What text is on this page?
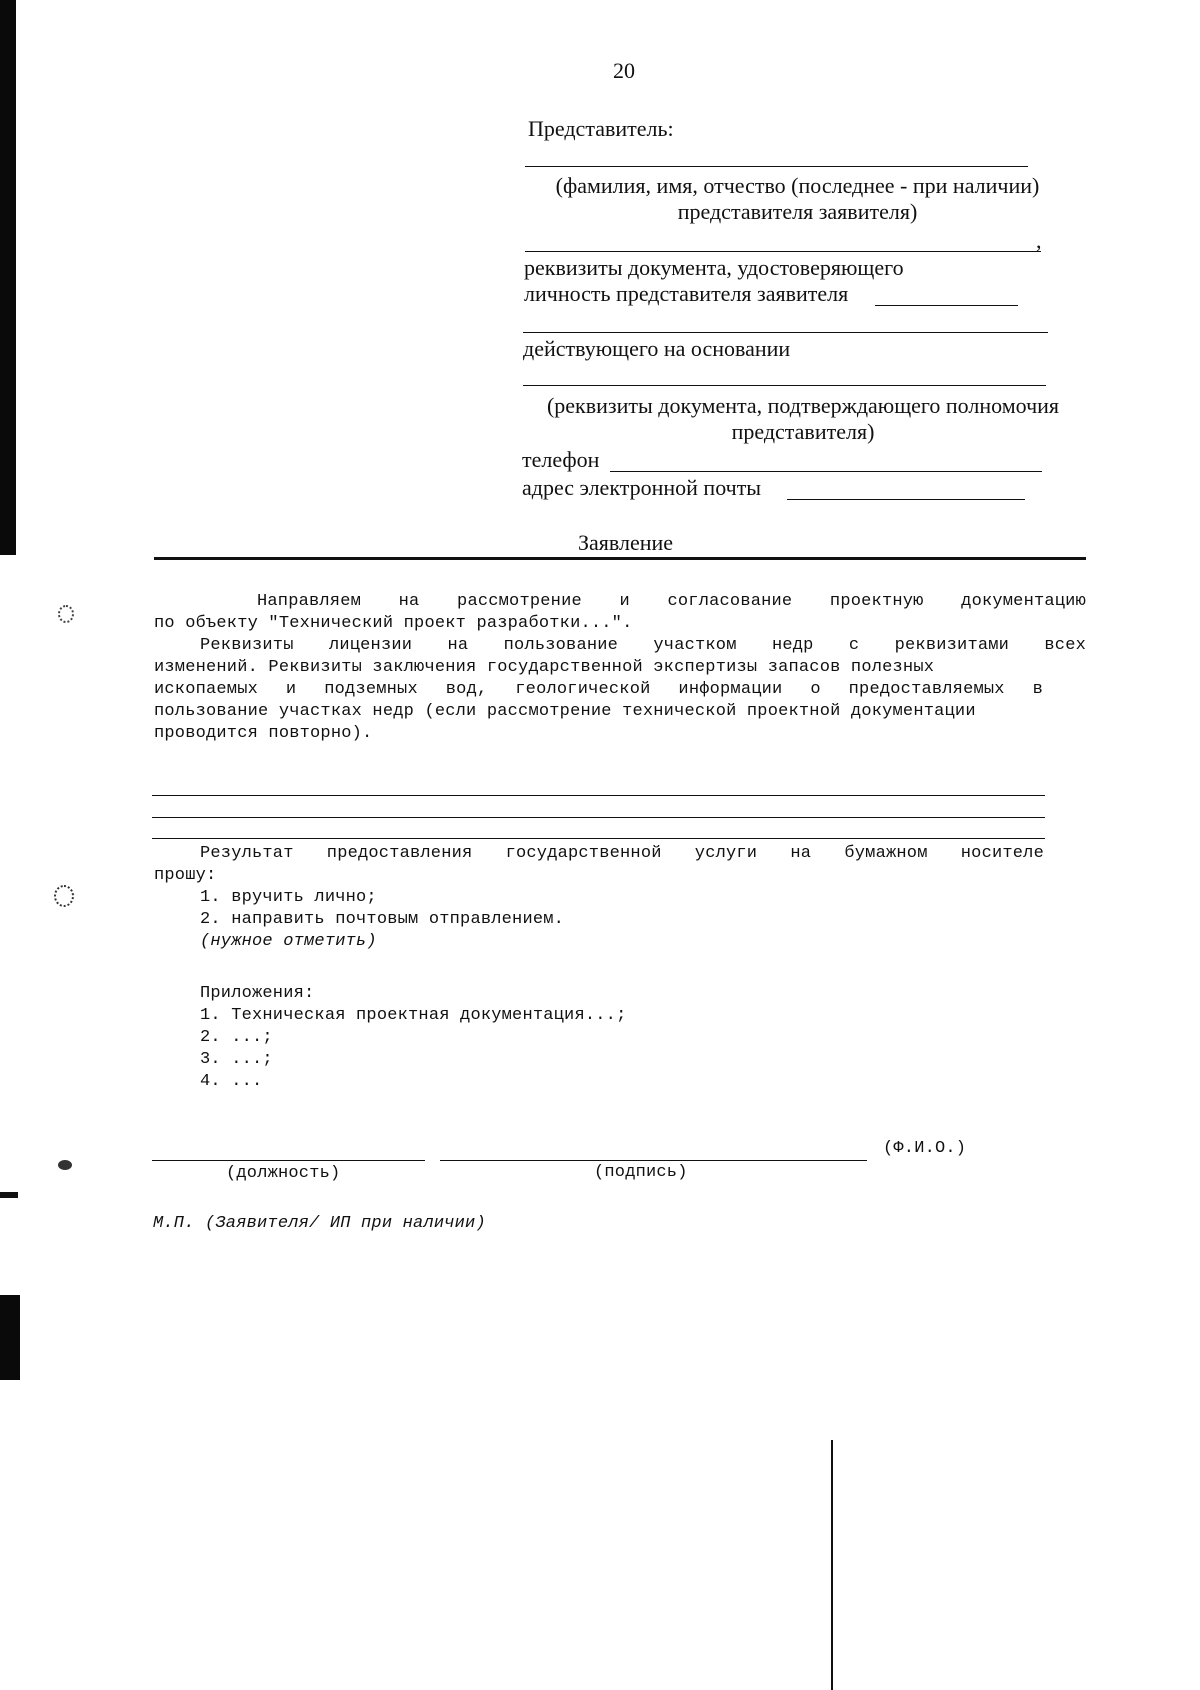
20
Представитель:
(фамилия, имя, отчество (последнее - при наличии)
представителя заявителя)
,
реквизиты документа, удостоверяющего
личность представителя заявителя
действующего на основании
(реквизиты документа, подтверждающего полномочия
представителя)
телефон
адрес электронной почты
Заявление
Направляем на рассмотрение и согласование проектную документацию
по объекту "Технический проект разработки...".
Реквизиты лицензии на пользование участком недр с реквизитами всех
изменений. Реквизиты заключения государственной экспертизы запасов полезных
ископаемых и подземных вод, геологической информации о предоставляемых в
пользование участках недр (если рассмотрение технической проектной документации
проводится повторно).
Результат предоставления государственной услуги на бумажном носителе
прошу:
1. вручить лично;
2. направить почтовым отправлением.
(нужное отметить)
Приложения:
1. Техническая проектная документация...;
2. ...;
3. ...;
4. ...
(Ф.И.О.)
(должность)	(подпись)
М.П. (Заявителя/ ИП при наличии)
